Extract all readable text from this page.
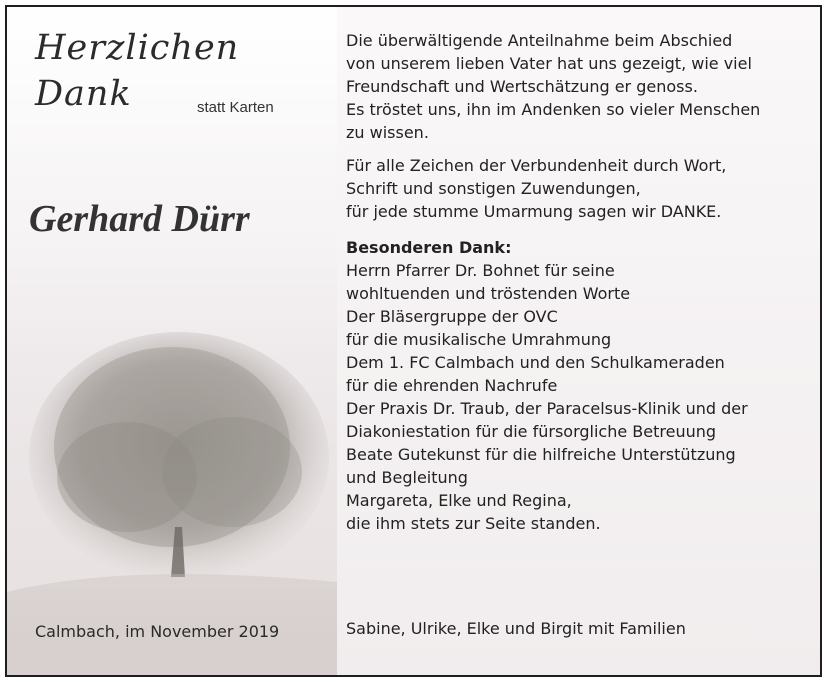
Herzlichen
Dank	statt Karten
Gerhard Dürr
Calmbach, im November 2019

Die überwältigende Anteilnahme beim Abschied
von unserem lieben Vater hat uns gezeigt, wie viel
Freundschaft und Wertschätzung er genoss.
Es tröstet uns, ihn im Andenken so vieler Menschen
zu wissen.

Für alle Zeichen der Verbundenheit durch Wort,
Schrift und sonstigen Zuwendungen,
für jede stumme Umarmung sagen wir DANKE.

Besonderen Dank:
Herrn Pfarrer Dr. Bohnet für seine
wohltuenden und tröstenden Worte
Der Bläsergruppe der OVC
für die musikalische Umrahmung
Dem 1. FC Calmbach und den Schulkameraden
für die ehrenden Nachrufe
Der Praxis Dr. Traub, der Paracelsus-Klinik und der
Diakoniestation für die fürsorgliche Betreuung
Beate Gutekunst für die hilfreiche Unterstützung
und Begleitung
Margareta, Elke und Regina,
die ihm stets zur Seite standen.

Sabine, Ulrike, Elke und Birgit mit Familien
